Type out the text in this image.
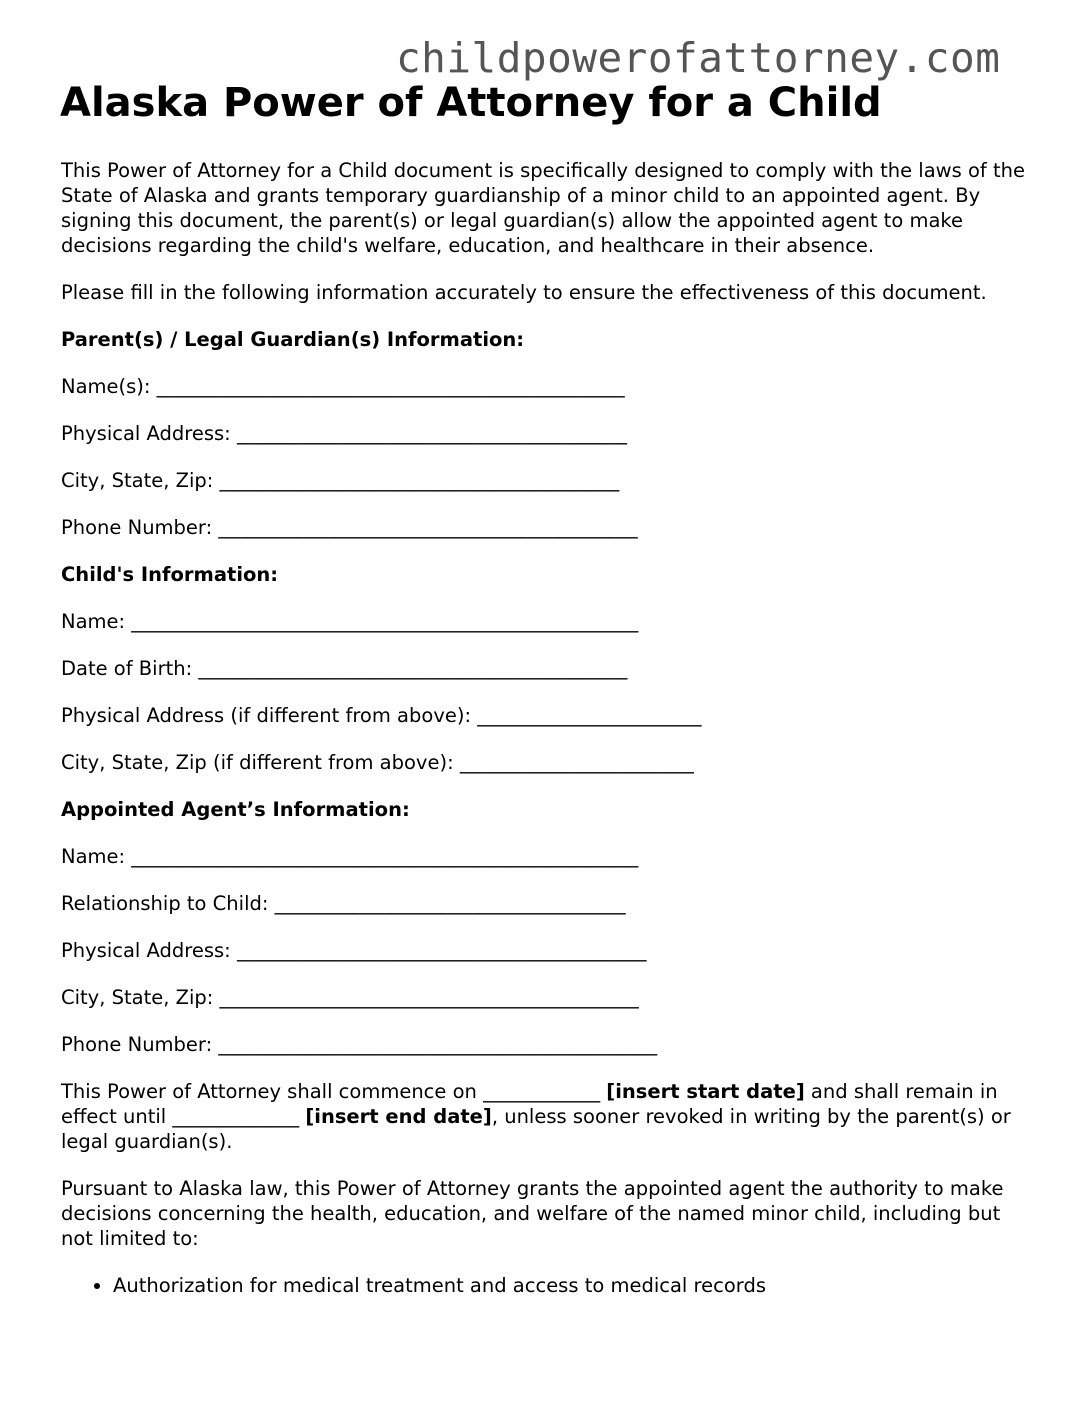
childpowerofattorney.com
Alaska Power of Attorney for a Child

This Power of Attorney for a Child document is specifically designed to comply with the laws of the State of Alaska and grants temporary guardianship of a minor child to an appointed agent. By signing this document, the parent(s) or legal guardian(s) allow the appointed agent to make decisions regarding the child's welfare, education, and healthcare in their absence.

Please fill in the following information accurately to ensure the effectiveness of this document.

Parent(s) / Legal Guardian(s) Information:

Name(s): ________________________________________________

Physical Address: ________________________________________

City, State, Zip: _________________________________________

Phone Number: ___________________________________________

Child's Information:

Name: ____________________________________________________

Date of Birth: ____________________________________________

Physical Address (if different from above): _______________________

City, State, Zip (if different from above): ________________________

Appointed Agent’s Information:

Name: ____________________________________________________

Relationship to Child: ____________________________________

Physical Address: __________________________________________

City, State, Zip: ___________________________________________

Phone Number: _____________________________________________

This Power of Attorney shall commence on ____________ [insert start date] and shall remain in effect until _____________ [insert end date], unless sooner revoked in writing by the parent(s) or legal guardian(s).

Pursuant to Alaska law, this Power of Attorney grants the appointed agent the authority to make decisions concerning the health, education, and welfare of the named minor child, including but not limited to:

• Authorization for medical treatment and access to medical records
